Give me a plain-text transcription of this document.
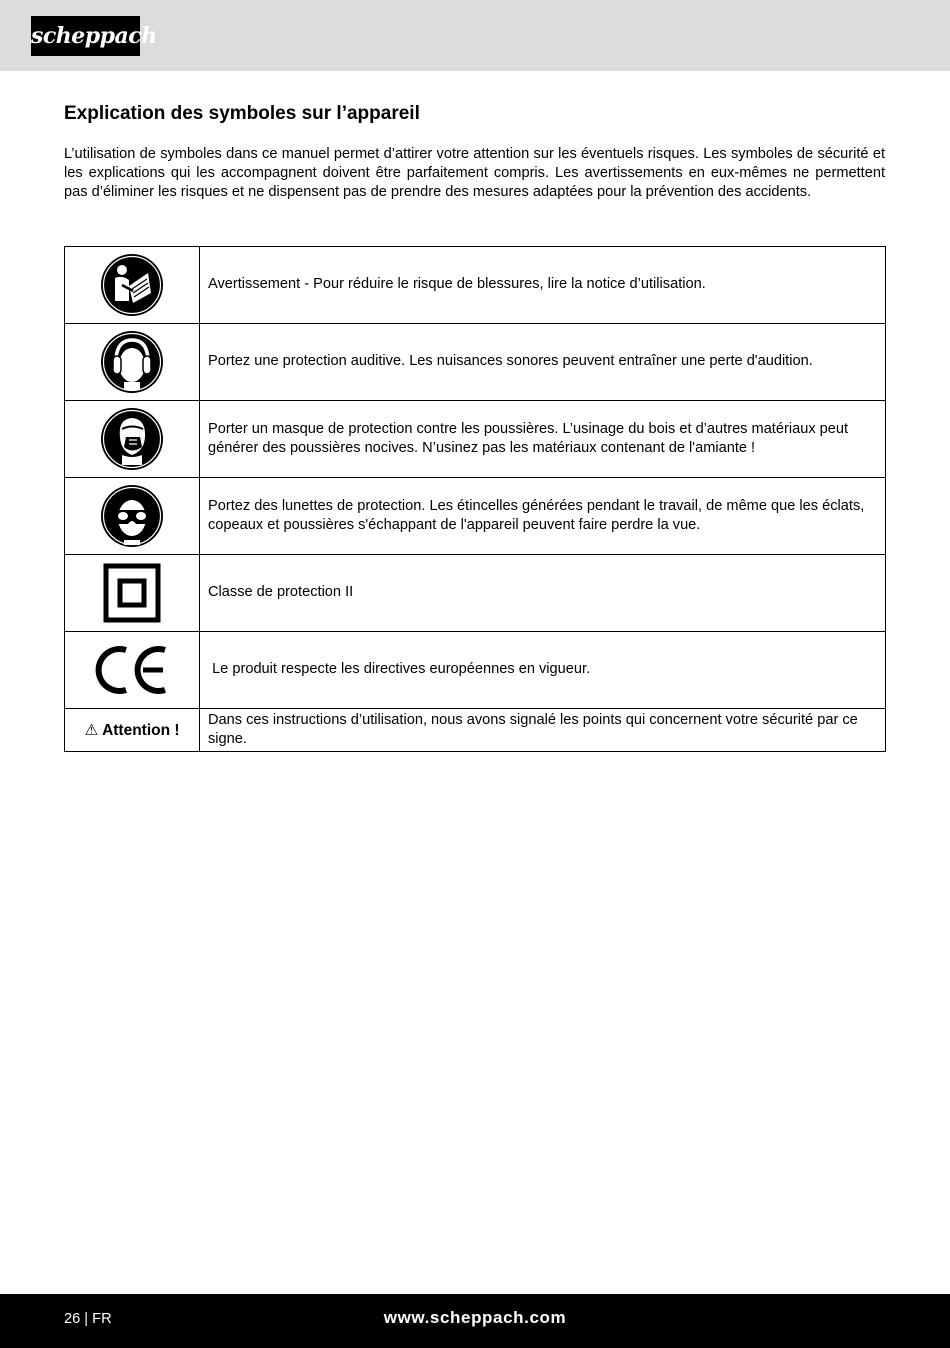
scheppach
Explication des symboles sur l’appareil

L’utilisation de symboles dans ce manuel permet d’attirer votre attention sur les éventuels risques. Les symboles de sécurité et les explications qui les accompagnent doivent être parfaitement compris. Les avertissements en eux-mêmes ne permettent pas d’éliminer les risques et ne dispensent pas de prendre des mesures adaptées pour la prévention des accidents.

	Avertissement - Pour réduire le risque de blessures, lire la notice d’utilisation.

	Portez une protection auditive. Les nuisances sonores peuvent entraîner une perte d'audition.

	Porter un masque de protection contre les poussières. L’usinage du bois et d’autres matériaux peut générer des poussières nocives. N’usinez pas les matériaux contenant de l'amiante !

	Portez des lunettes de protection. Les étincelles générées pendant le travail, de même que les éclats, copeaux et poussières s'échappant de l'appareil peuvent faire perdre la vue.

	Classe de protection II

	Le produit respecte les directives européennes en vigueur.
⚠ Attention !	Dans ces instructions d’utilisation, nous avons signalé les points qui concernent votre sécurité par ce signe.
26 | FR	www.scheppach.com
